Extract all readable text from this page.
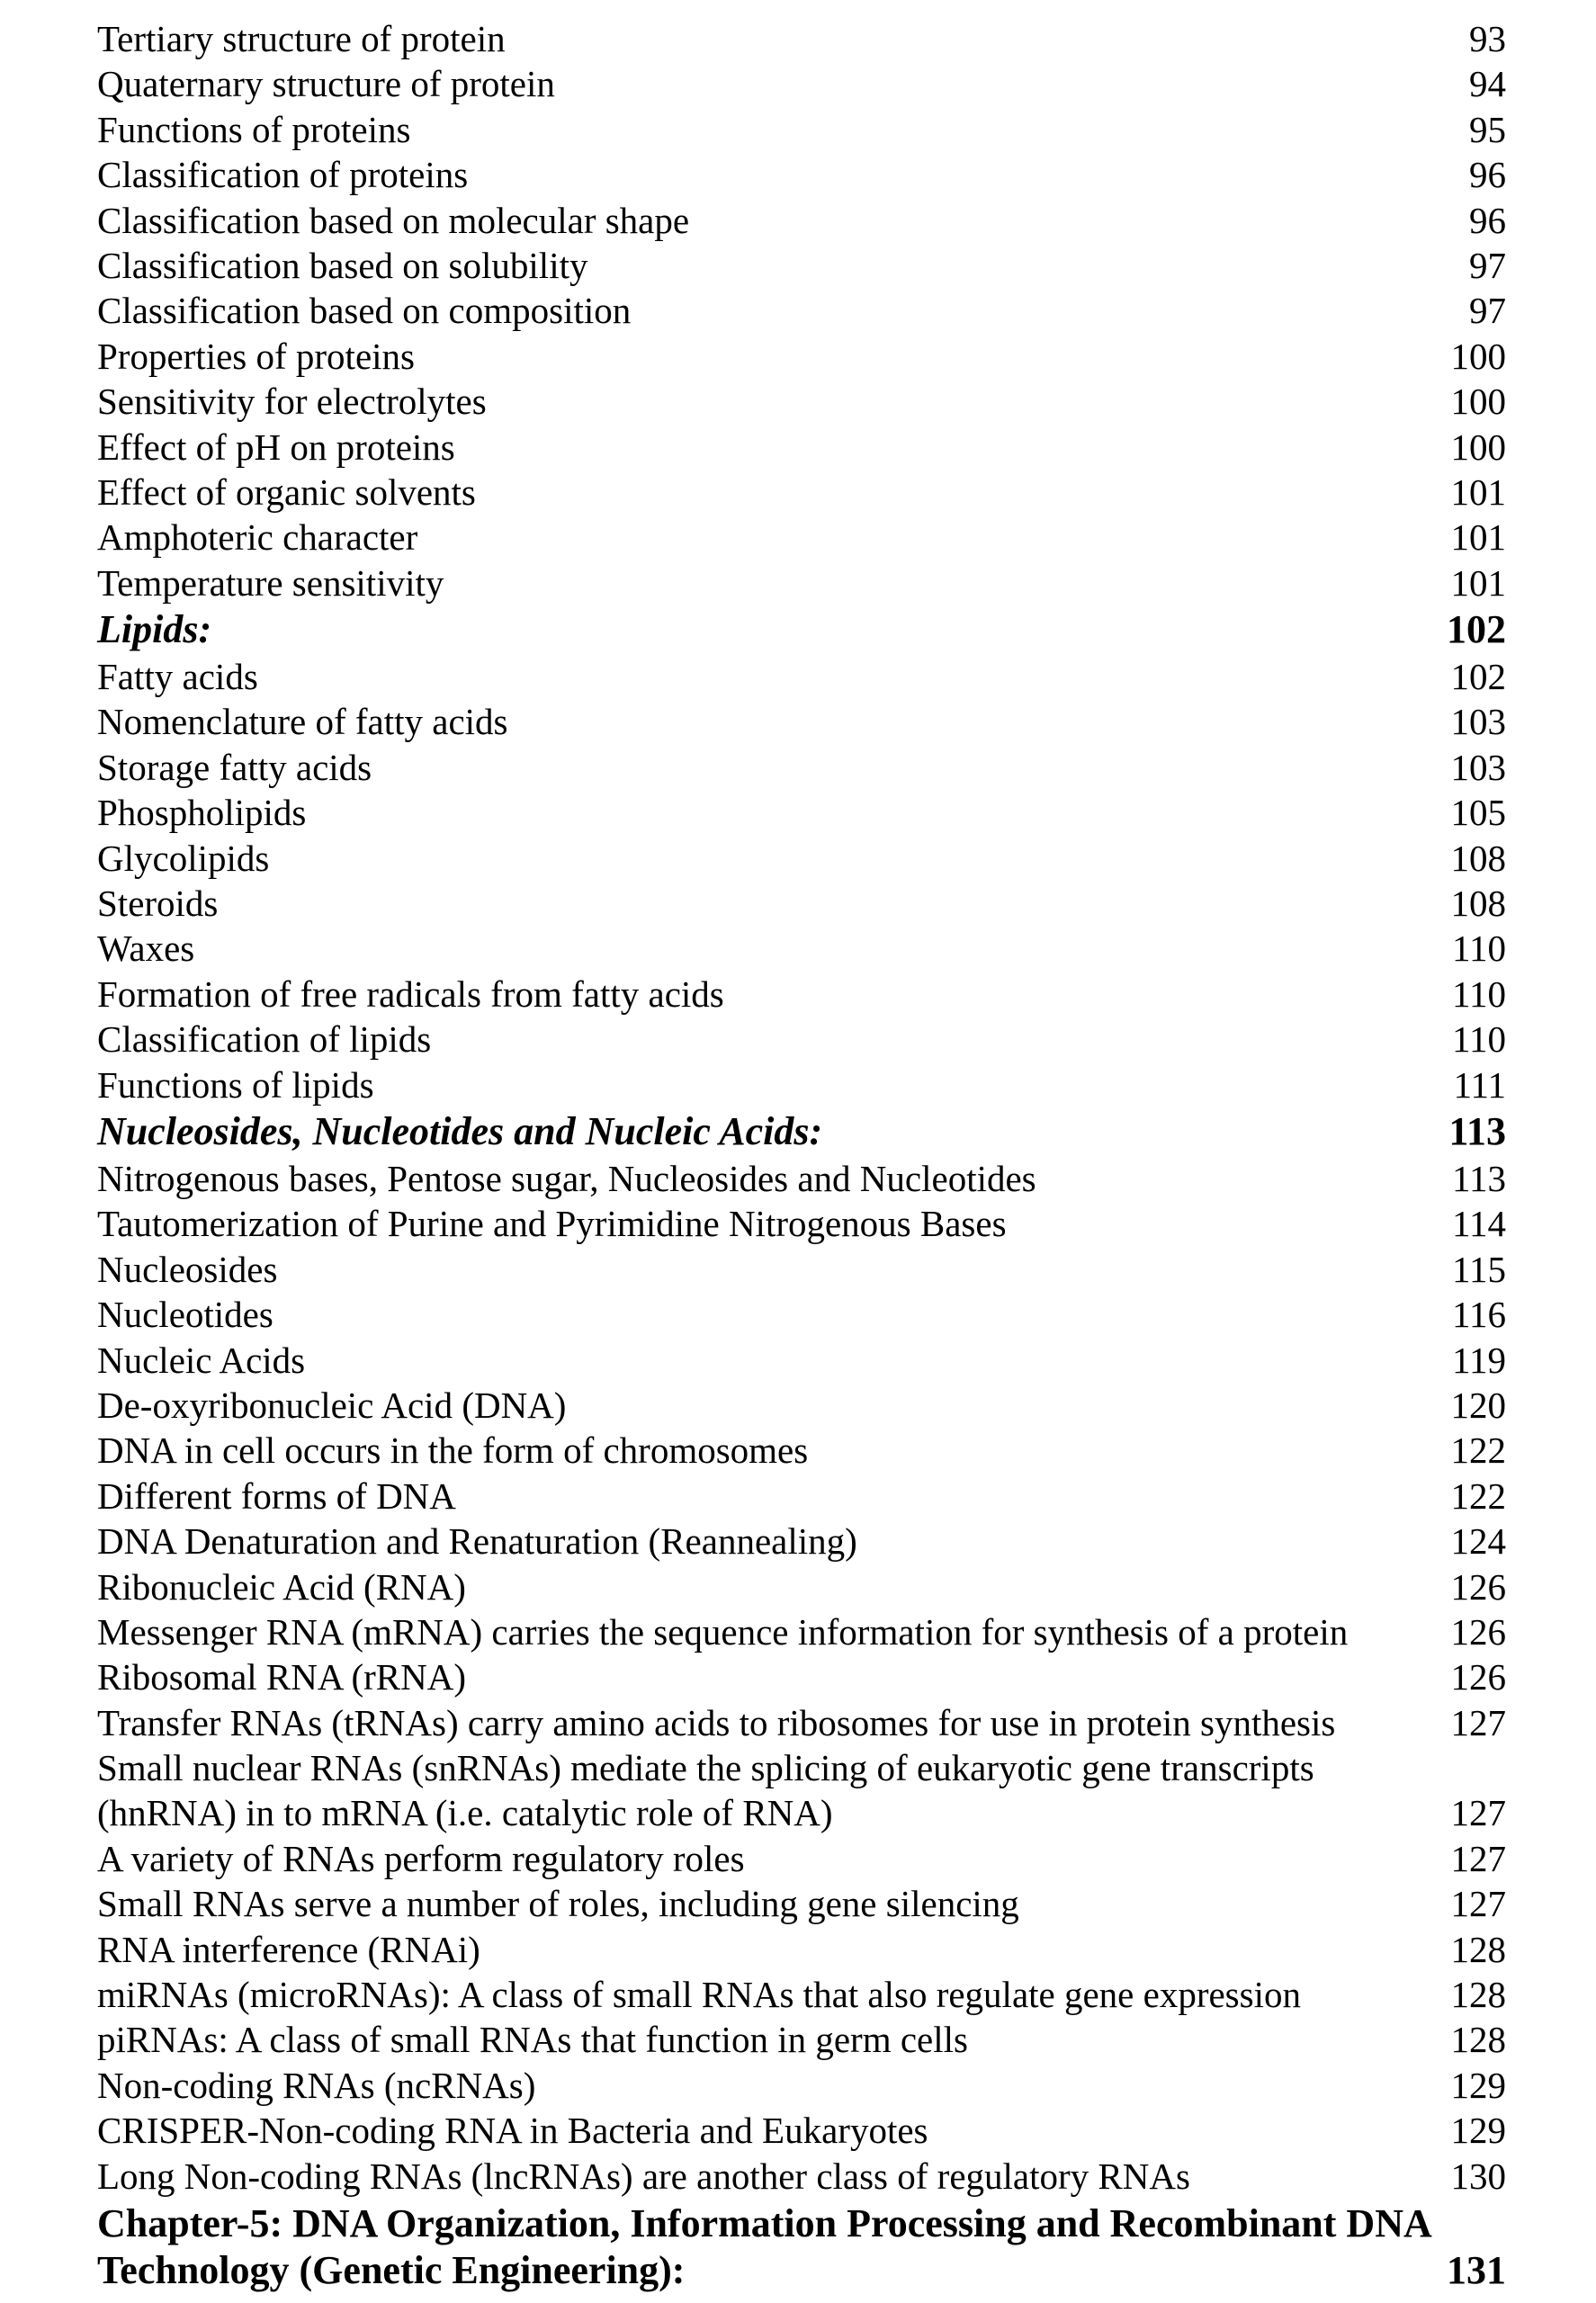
Tertiary structure of protein	93
Quaternary structure of protein	94
Functions of proteins	95
Classification of proteins	96
Classification based on molecular shape	96
Classification based on solubility	97
Classification based on composition	97
Properties of proteins	100
Sensitivity for electrolytes	100
Effect of pH on proteins	100
Effect of organic solvents	101
Amphoteric character	101
Temperature sensitivity	101
Lipids:	102
Fatty acids	102
Nomenclature of fatty acids	103
Storage fatty acids	103
Phospholipids	105
Glycolipids	108
Steroids	108
Waxes	110
Formation of free radicals from fatty acids	110
Classification of lipids	110
Functions of lipids	111
Nucleosides, Nucleotides and Nucleic Acids:	113
Nitrogenous bases, Pentose sugar, Nucleosides and Nucleotides	113
Tautomerization of Purine and Pyrimidine Nitrogenous Bases	114
Nucleosides	115
Nucleotides	116
Nucleic Acids	119
De-oxyribonucleic Acid (DNA)	120
DNA in cell occurs in the form of chromosomes	122
Different forms of DNA	122
DNA Denaturation and Renaturation (Reannealing)	124
Ribonucleic Acid (RNA)	126
Messenger RNA (mRNA) carries the sequence information for synthesis of a protein	126
Ribosomal RNA (rRNA)	126
Transfer RNAs (tRNAs) carry amino acids to ribosomes for use in protein synthesis	127
Small nuclear RNAs (snRNAs) mediate the splicing of eukaryotic gene transcripts (hnRNA) in to mRNA (i.e. catalytic role of RNA)	127
A variety of RNAs perform regulatory roles	127
Small RNAs serve a number of roles, including gene silencing	127
RNA interference (RNAi)	128
miRNAs (microRNAs): A class of small RNAs that also regulate gene expression	128
piRNAs: A class of small RNAs that function in germ cells	128
Non-coding RNAs (ncRNAs)	129
CRISPER-Non-coding RNA in Bacteria and Eukaryotes	129
Long Non-coding RNAs (lncRNAs) are another class of regulatory RNAs	130
Chapter-5: DNA Organization, Information Processing and Recombinant DNA Technology (Genetic Engineering):	131
